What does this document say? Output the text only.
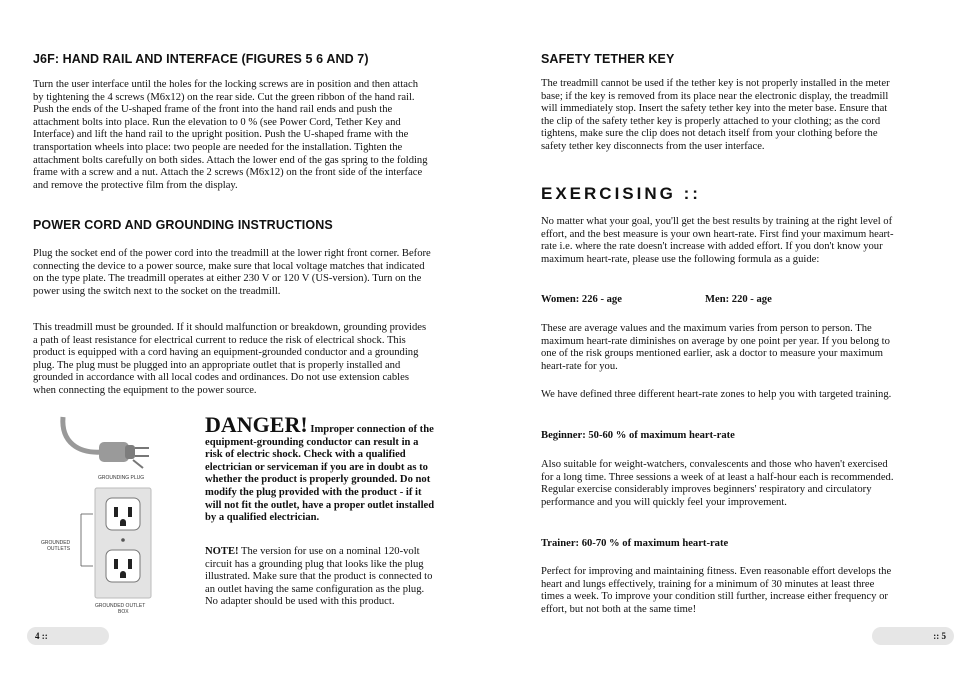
J6F: HAND RAIL AND INTERFACE (FIGURES 5 6 AND 7)

Turn the user interface until the holes for the locking screws are in position and then attach by tightening the 4 screws (M6x12) on the rear side. Cut the green ribbon of the hand rail. Push the ends of the U-shaped frame of the front into the hand rail ends and push the attachment bolts into place. Run the elevation to 0 % (see Power Cord, Tether Key and Interface) and lift the hand rail to the upright position. Push the U-shaped frame with the transportation wheels into place: two people are needed for the installation. Tighten the attachment bolts carefully on both sides. Attach the lower end of the gas spring to the folding frame with a screw and a nut. Attach the 2 screws (M6x12) on the front side of the interface and remove the protective film from the display.

POWER CORD AND GROUNDING INSTRUCTIONS

Plug the socket end of the power cord into the treadmill at the lower right front corner. Before connecting the device to a power source, make sure that local voltage matches that indicated on the type plate. The treadmill operates at either 230 V or 120 V (US-version). Turn on the power using the switch next to the socket on the treadmill.

This treadmill must be grounded. If it should malfunction or breakdown, grounding provides a path of least resistance for electrical current to reduce the risk of electrical shock. This product is equipped with a cord having an equipment-grounded conductor and a grounding plug. The plug must be plugged into an appropriate outlet that is properly installed and grounded in accordance with all local codes and ordinances. Do not use extension cables when connecting the equipment to the power source.

GROUNDING PLUG
GROUNDED
OUTLETS
GROUNDED OUTLET
BOX
DANGER! Improper connection of the equipment-grounding conductor can result in a risk of electric shock. Check with a qualified electrician or serviceman if you are in doubt as to whether the product is properly grounded. Do not modify the plug provided with the product - if it will not fit the outlet, have a proper outlet installed by a qualified electrician.
NOTE! The version for use on a nominal 120-volt circuit has a grounding plug that looks like the plug illustrated. Make sure that the product is connected to an outlet having the same configuration as the plug. No adapter should be used with this product.
4 ::
SAFETY TETHER KEY

The treadmill cannot be used if the tether key is not properly installed in the meter base; if the key is removed from its place near the electronic display, the treadmill will immediately stop. Insert the safety tether key into the meter base. Ensure that the clip of the safety tether key is properly attached to your clothing; as the cord tightens, make sure the clip does not detach itself from your clothing before the safety tether key disconnects from the user interface.

EXERCISING ::

No matter what your goal, you'll get the best results by training at the right level of effort, and the best measure is your own heart-rate. First find your maximum heart-rate i.e. where the rate doesn't increase with added effort. If you don't know your maximum heart-rate, please use the following formula as a guide:

Women: 226 - age	Men: 220 - age

These are average values and the maximum varies from person to person. The maximum heart-rate diminishes on average by one point per year. If you belong to one of the risk groups mentioned earlier, ask a doctor to measure your maximum heart-rate for you.

We have defined three different heart-rate zones to help you with targeted training.

Beginner: 50-60 % of maximum heart-rate

Also suitable for weight-watchers, convalescents and those who haven't exercised for a long time. Three sessions a week of at least a half-hour each is recommended. Regular exercise considerably improves beginners' respiratory and circulatory performance and you will quickly feel your improvement.

Trainer: 60-70 % of maximum heart-rate

Perfect for improving and maintaining fitness. Even reasonable effort develops the heart and lungs effectively, training for a minimum of 30 minutes at least three times a week. To improve your condition still further, increase either frequency or effort, but not both at the same time!

:: 5
